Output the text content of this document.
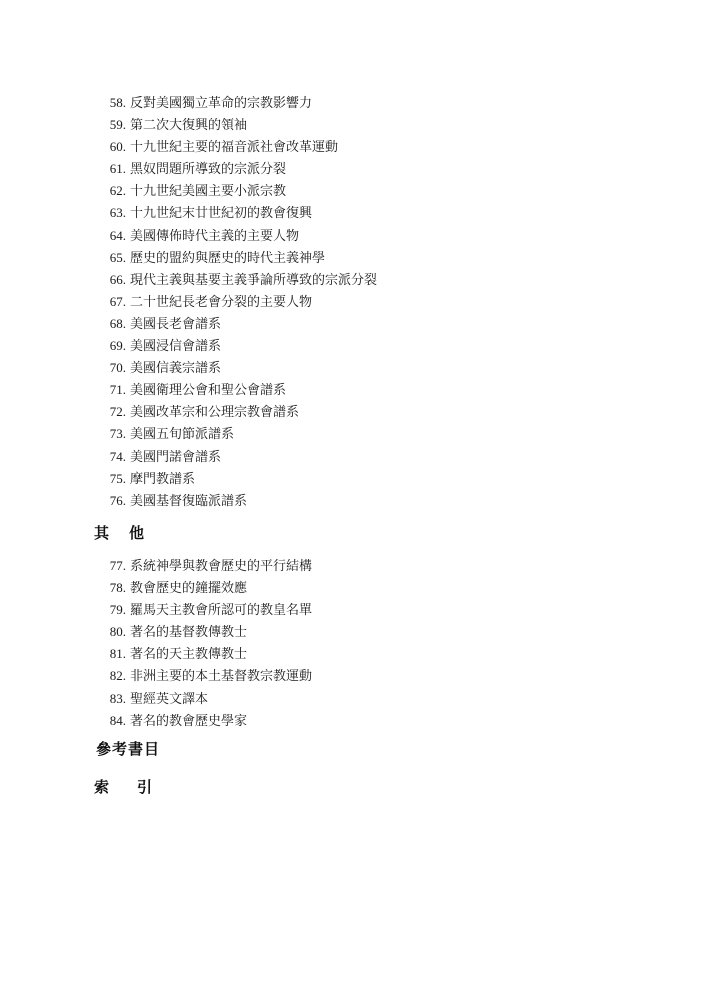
58. 反對美國獨立革命的宗教影響力
59. 第二次大復興的領袖
60. 十九世紀主要的福音派社會改革運動
61. 黑奴問題所導致的宗派分裂
62. 十九世紀美國主要小派宗教
63. 十九世紀末廿世紀初的教會復興
64. 美國傳佈時代主義的主要人物
65. 歷史的盟約與歷史的時代主義神學
66. 現代主義與基要主義爭論所導致的宗派分裂
67. 二十世紀長老會分裂的主要人物
68. 美國長老會譜系
69. 美國浸信會譜系
70. 美國信義宗譜系
71. 美國衛理公會和聖公會譜系
72. 美國改革宗和公理宗教會譜系
73. 美國五旬節派譜系
74. 美國門諾會譜系
75. 摩門教譜系
76. 美國基督復臨派譜系
其他
77. 系統神學與教會歷史的平行結構
78. 教會歷史的鐘擺效應
79. 羅馬天主教會所認可的教皇名單
80. 著名的基督教傳教士
81. 著名的天主教傳教士
82. 非洲主要的本土基督教宗教運動
83. 聖經英文譯本
84. 著名的教會歷史學家
參考書目
索引
